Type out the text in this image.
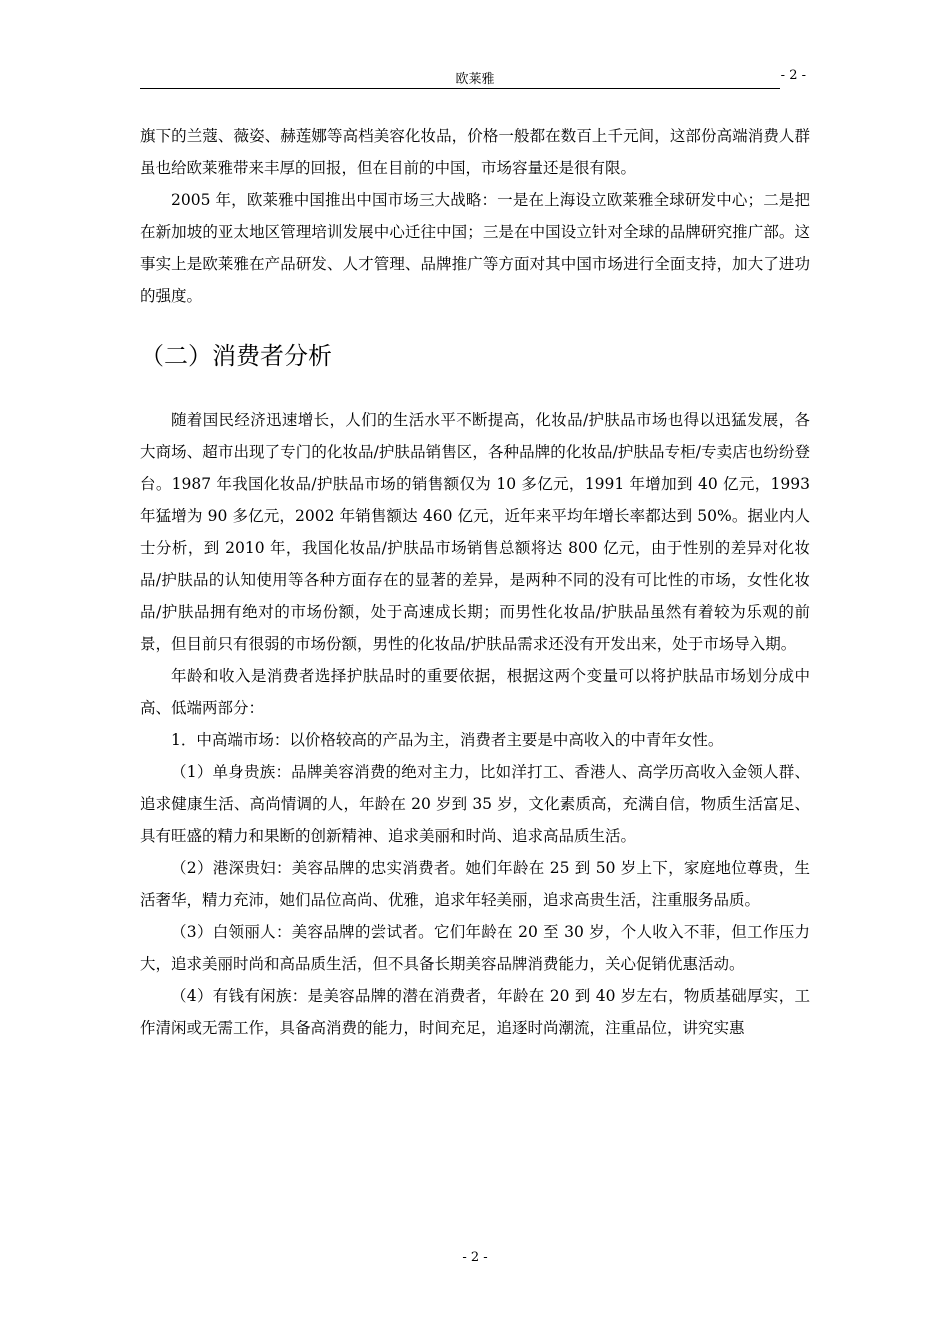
欧莱雅	- 2 -

旗下的兰蔻、薇姿、赫莲娜等高档美容化妆品，价格一般都在数百上千元间，这部份高端消费人群虽也给欧莱雅带来丰厚的回报，但在目前的中国，市场容量还是很有限。

2005 年，欧莱雅中国推出中国市场三大战略：一是在上海设立欧莱雅全球研发中心；二是把在新加坡的亚太地区管理培训发展中心迁往中国；三是在中国设立针对全球的品牌研究推广部。这事实上是欧莱雅在产品研发、人才管理、品牌推广等方面对其中国市场进行全面支持，加大了进功的强度。

（二）消费者分析

随着国民经济迅速增长，人们的生活水平不断提高，化妆品/护肤品市场也得以迅猛发展，各大商场、超市出现了专门的化妆品/护肤品销售区，各种品牌的化妆品/护肤品专柜/专卖店也纷纷登台。1987 年我国化妆品/护肤品市场的销售额仅为 10 多亿元，1991 年增加到 40 亿元，1993 年猛增为 90 多亿元，2002 年销售额达 460 亿元，近年来平均年增长率都达到 50%。据业内人士分析，到 2010 年，我国化妆品/护肤品市场销售总额将达 800 亿元，由于性别的差异对化妆品/护肤品的认知使用等各种方面存在的显著的差异，是两种不同的没有可比性的市场，女性化妆品/护肤品拥有绝对的市场份额，处于高速成长期；而男性化妆品/护肤品虽然有着较为乐观的前景，但目前只有很弱的市场份额，男性的化妆品/护肤品需求还没有开发出来，处于市场导入期。

年龄和收入是消费者选择护肤品时的重要依据，根据这两个变量可以将护肤品市场划分成中高、低端两部分：

1．中高端市场：以价格较高的产品为主，消费者主要是中高收入的中青年女性。

（1）单身贵族：品牌美容消费的绝对主力，比如洋打工、香港人、高学历高收入金领人群、追求健康生活、高尚情调的人，年龄在 20 岁到 35 岁，文化素质高，充满自信，物质生活富足、具有旺盛的精力和果断的创新精神、追求美丽和时尚、追求高品质生活。

（2）港深贵妇：美容品牌的忠实消费者。她们年龄在 25 到 50 岁上下，家庭地位尊贵，生活奢华，精力充沛，她们品位高尚、优雅，追求年轻美丽，追求高贵生活，注重服务品质。

（3）白领丽人：美容品牌的尝试者。它们年龄在 20 至 30 岁，个人收入不菲，但工作压力大，追求美丽时尚和高品质生活，但不具备长期美容品牌消费能力，关心促销优惠活动。

（4）有钱有闲族：是美容品牌的潜在消费者，年龄在 20 到 40 岁左右，物质基础厚实，工作清闲或无需工作，具备高消费的能力，时间充足，追逐时尚潮流，注重品位，讲究实惠

- 2 -
